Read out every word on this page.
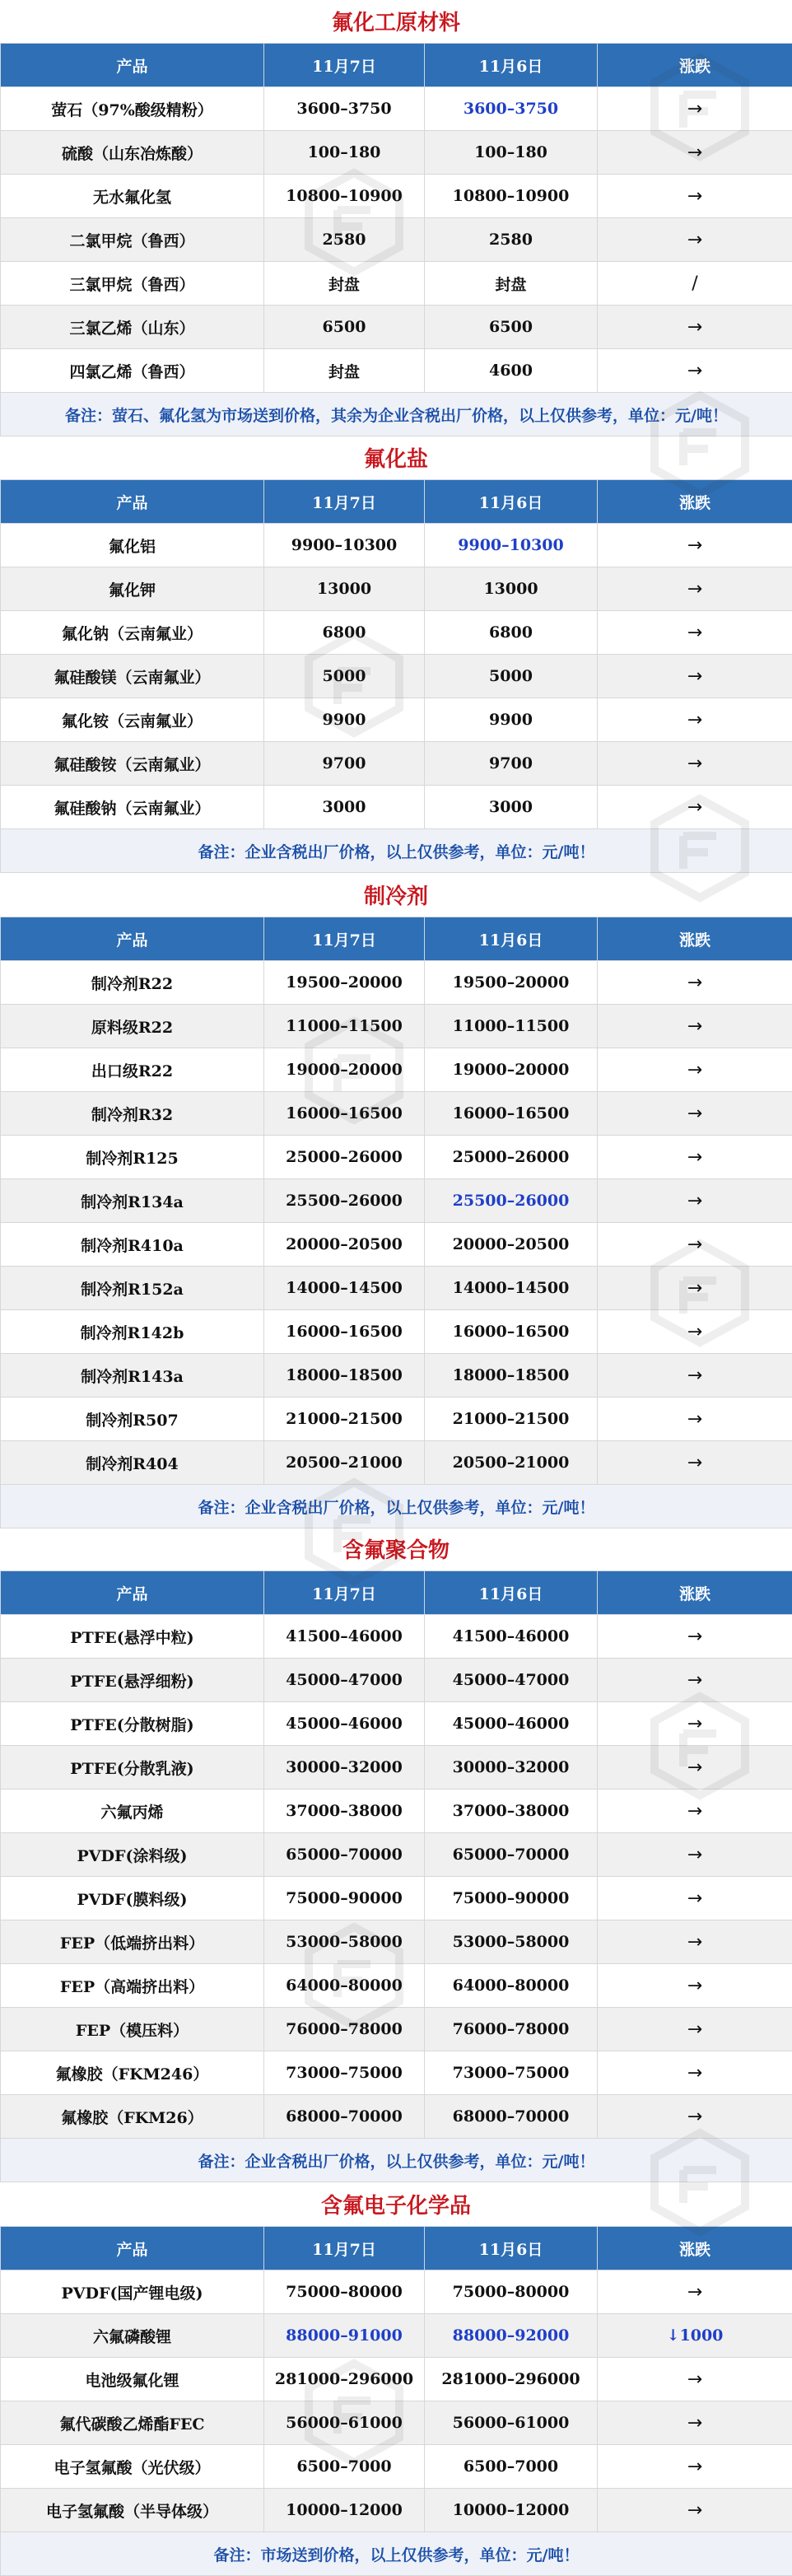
氟化工原材料
产品	11月7日	11月6日	涨跌
萤石（97%酸级精粉）	3600–3750	3600–3750	→
硫酸（山东冶炼酸）	100–180	100–180	→
无水氟化氢	10800–10900	10800–10900	→
二氯甲烷（鲁西）	2580	2580	→
三氯甲烷（鲁西）	封盘	封盘	/
三氯乙烯（山东）	6500	6500	→
四氯乙烯（鲁西）	封盘	4600	→
备注：萤石、氟化氢为市场送到价格，其余为企业含税出厂价格，以上仅供参考，单位：元/吨！			
氟化盐
产品	11月7日	11月6日	涨跌
氟化铝	9900–10300	9900–10300	→
氟化钾	13000	13000	→
氟化钠（云南氟业）	6800	6800	→
氟硅酸镁（云南氟业）	5000	5000	→
氟化铵（云南氟业）	9900	9900	→
氟硅酸铵（云南氟业）	9700	9700	→
氟硅酸钠（云南氟业）	3000	3000	→
备注：企业含税出厂价格，以上仅供参考，单位：元/吨！			
制冷剂
产品	11月7日	11月6日	涨跌
制冷剂R22	19500–20000	19500–20000	→
原料级R22	11000–11500	11000–11500	→
出口级R22	19000–20000	19000–20000	→
制冷剂R32	16000–16500	16000–16500	→
制冷剂R125	25000–26000	25000–26000	→
制冷剂R134a	25500–26000	25500–26000	→
制冷剂R410a	20000–20500	20000–20500	→
制冷剂R152a	14000–14500	14000–14500	→
制冷剂R142b	16000–16500	16000–16500	→
制冷剂R143a	18000–18500	18000–18500	→
制冷剂R507	21000–21500	21000–21500	→
制冷剂R404	20500–21000	20500–21000	→
备注：企业含税出厂价格，以上仅供参考，单位：元/吨！			
含氟聚合物
产品	11月7日	11月6日	涨跌
PTFE(悬浮中粒)	41500–46000	41500–46000	→
PTFE(悬浮细粉)	45000–47000	45000–47000	→
PTFE(分散树脂)	45000–46000	45000–46000	→
PTFE(分散乳液)	30000–32000	30000–32000	→
六氟丙烯	37000–38000	37000–38000	→
PVDF(涂料级)	65000–70000	65000–70000	→
PVDF(膜料级)	75000–90000	75000–90000	→
FEP（低端挤出料）	53000–58000	53000–58000	→
FEP（高端挤出料）	64000–80000	64000–80000	→
FEP（模压料）	76000–78000	76000–78000	→
氟橡胶（FKM246）	73000–75000	73000–75000	→
氟橡胶（FKM26）	68000–70000	68000–70000	→
备注：企业含税出厂价格，以上仅供参考，单位：元/吨！			
含氟电子化学品
产品	11月7日	11月6日	涨跌
PVDF(国产锂电级)	75000–80000	75000–80000	→
六氟磷酸锂	88000–91000	88000–92000	↓1000
电池级氟化锂	281000–296000	281000–296000	→
氟代碳酸乙烯酯FEC	56000–61000	56000–61000	→
电子氢氟酸（光伏级）	6500–7000	6500–7000	→
电子氢氟酸（半导体级）	10000–12000	10000–12000	→
备注：市场送到价格，以上仅供参考，单位：元/吨！			
